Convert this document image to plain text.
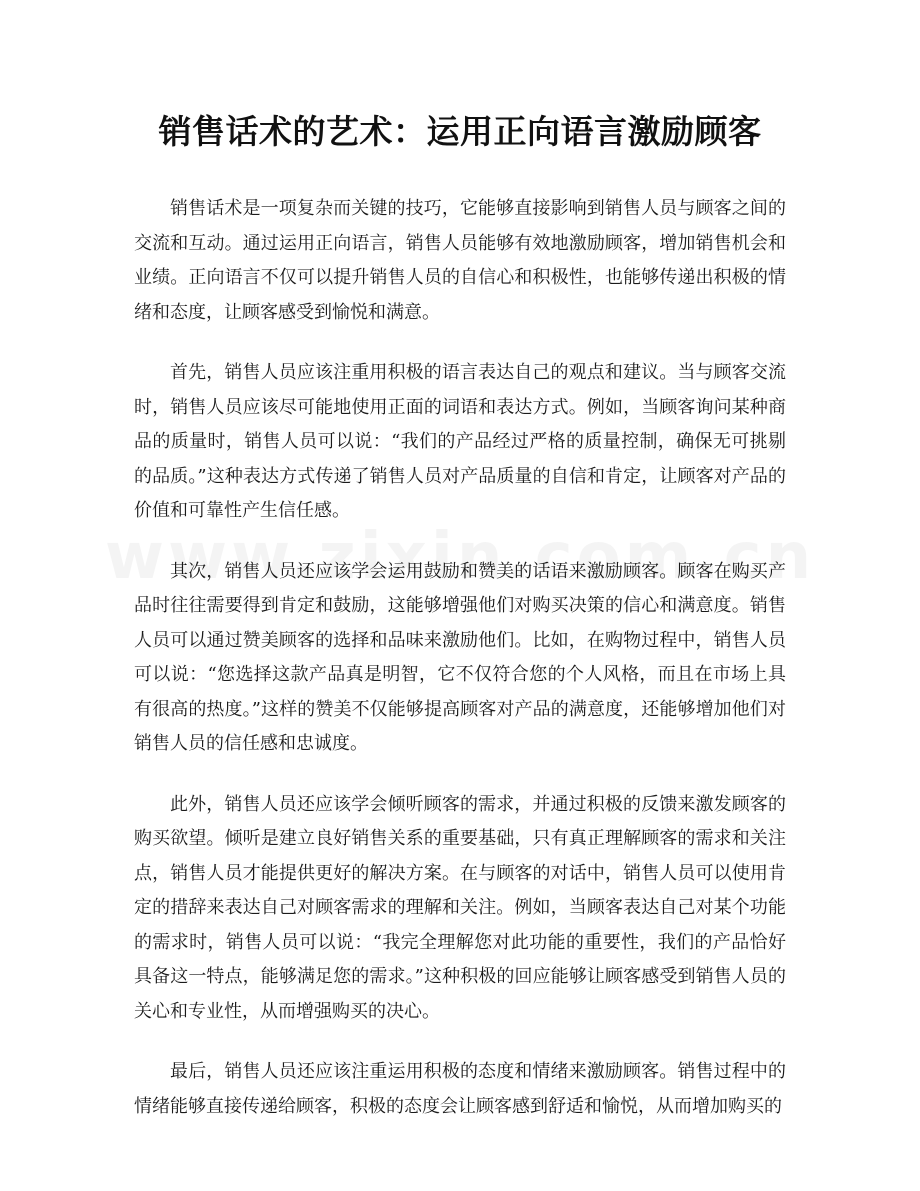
销售话术的艺术：运用正向语言激励顾客

销售话术是一项复杂而关键的技巧，它能够直接影响到销售人员与顾客之间的交流和互动。通过运用正向语言，销售人员能够有效地激励顾客，增加销售机会和业绩。正向语言不仅可以提升销售人员的自信心和积极性，也能够传递出积极的情绪和态度，让顾客感受到愉悦和满意。

首先，销售人员应该注重用积极的语言表达自己的观点和建议。当与顾客交流时，销售人员应该尽可能地使用正面的词语和表达方式。例如，当顾客询问某种商品的质量时，销售人员可以说：“我们的产品经过严格的质量控制，确保无可挑剔的品质。”这种表达方式传递了销售人员对产品质量的自信和肯定，让顾客对产品的价值和可靠性产生信任感。

其次，销售人员还应该学会运用鼓励和赞美的话语来激励顾客。顾客在购买产品时往往需要得到肯定和鼓励，这能够增强他们对购买决策的信心和满意度。销售人员可以通过赞美顾客的选择和品味来激励他们。比如，在购物过程中，销售人员可以说：“您选择这款产品真是明智，它不仅符合您的个人风格，而且在市场上具有很高的热度。”这样的赞美不仅能够提高顾客对产品的满意度，还能够增加他们对销售人员的信任感和忠诚度。

此外，销售人员还应该学会倾听顾客的需求，并通过积极的反馈来激发顾客的购买欲望。倾听是建立良好销售关系的重要基础，只有真正理解顾客的需求和关注点，销售人员才能提供更好的解决方案。在与顾客的对话中，销售人员可以使用肯定的措辞来表达自己对顾客需求的理解和关注。例如，当顾客表达自己对某个功能的需求时，销售人员可以说：“我完全理解您对此功能的重要性，我们的产品恰好具备这一特点，能够满足您的需求。”这种积极的回应能够让顾客感受到销售人员的关心和专业性，从而增强购买的决心。

最后，销售人员还应该注重运用积极的态度和情绪来激励顾客。销售过程中的情绪能够直接传递给顾客，积极的态度会让顾客感到舒适和愉悦，从而增加购买的
